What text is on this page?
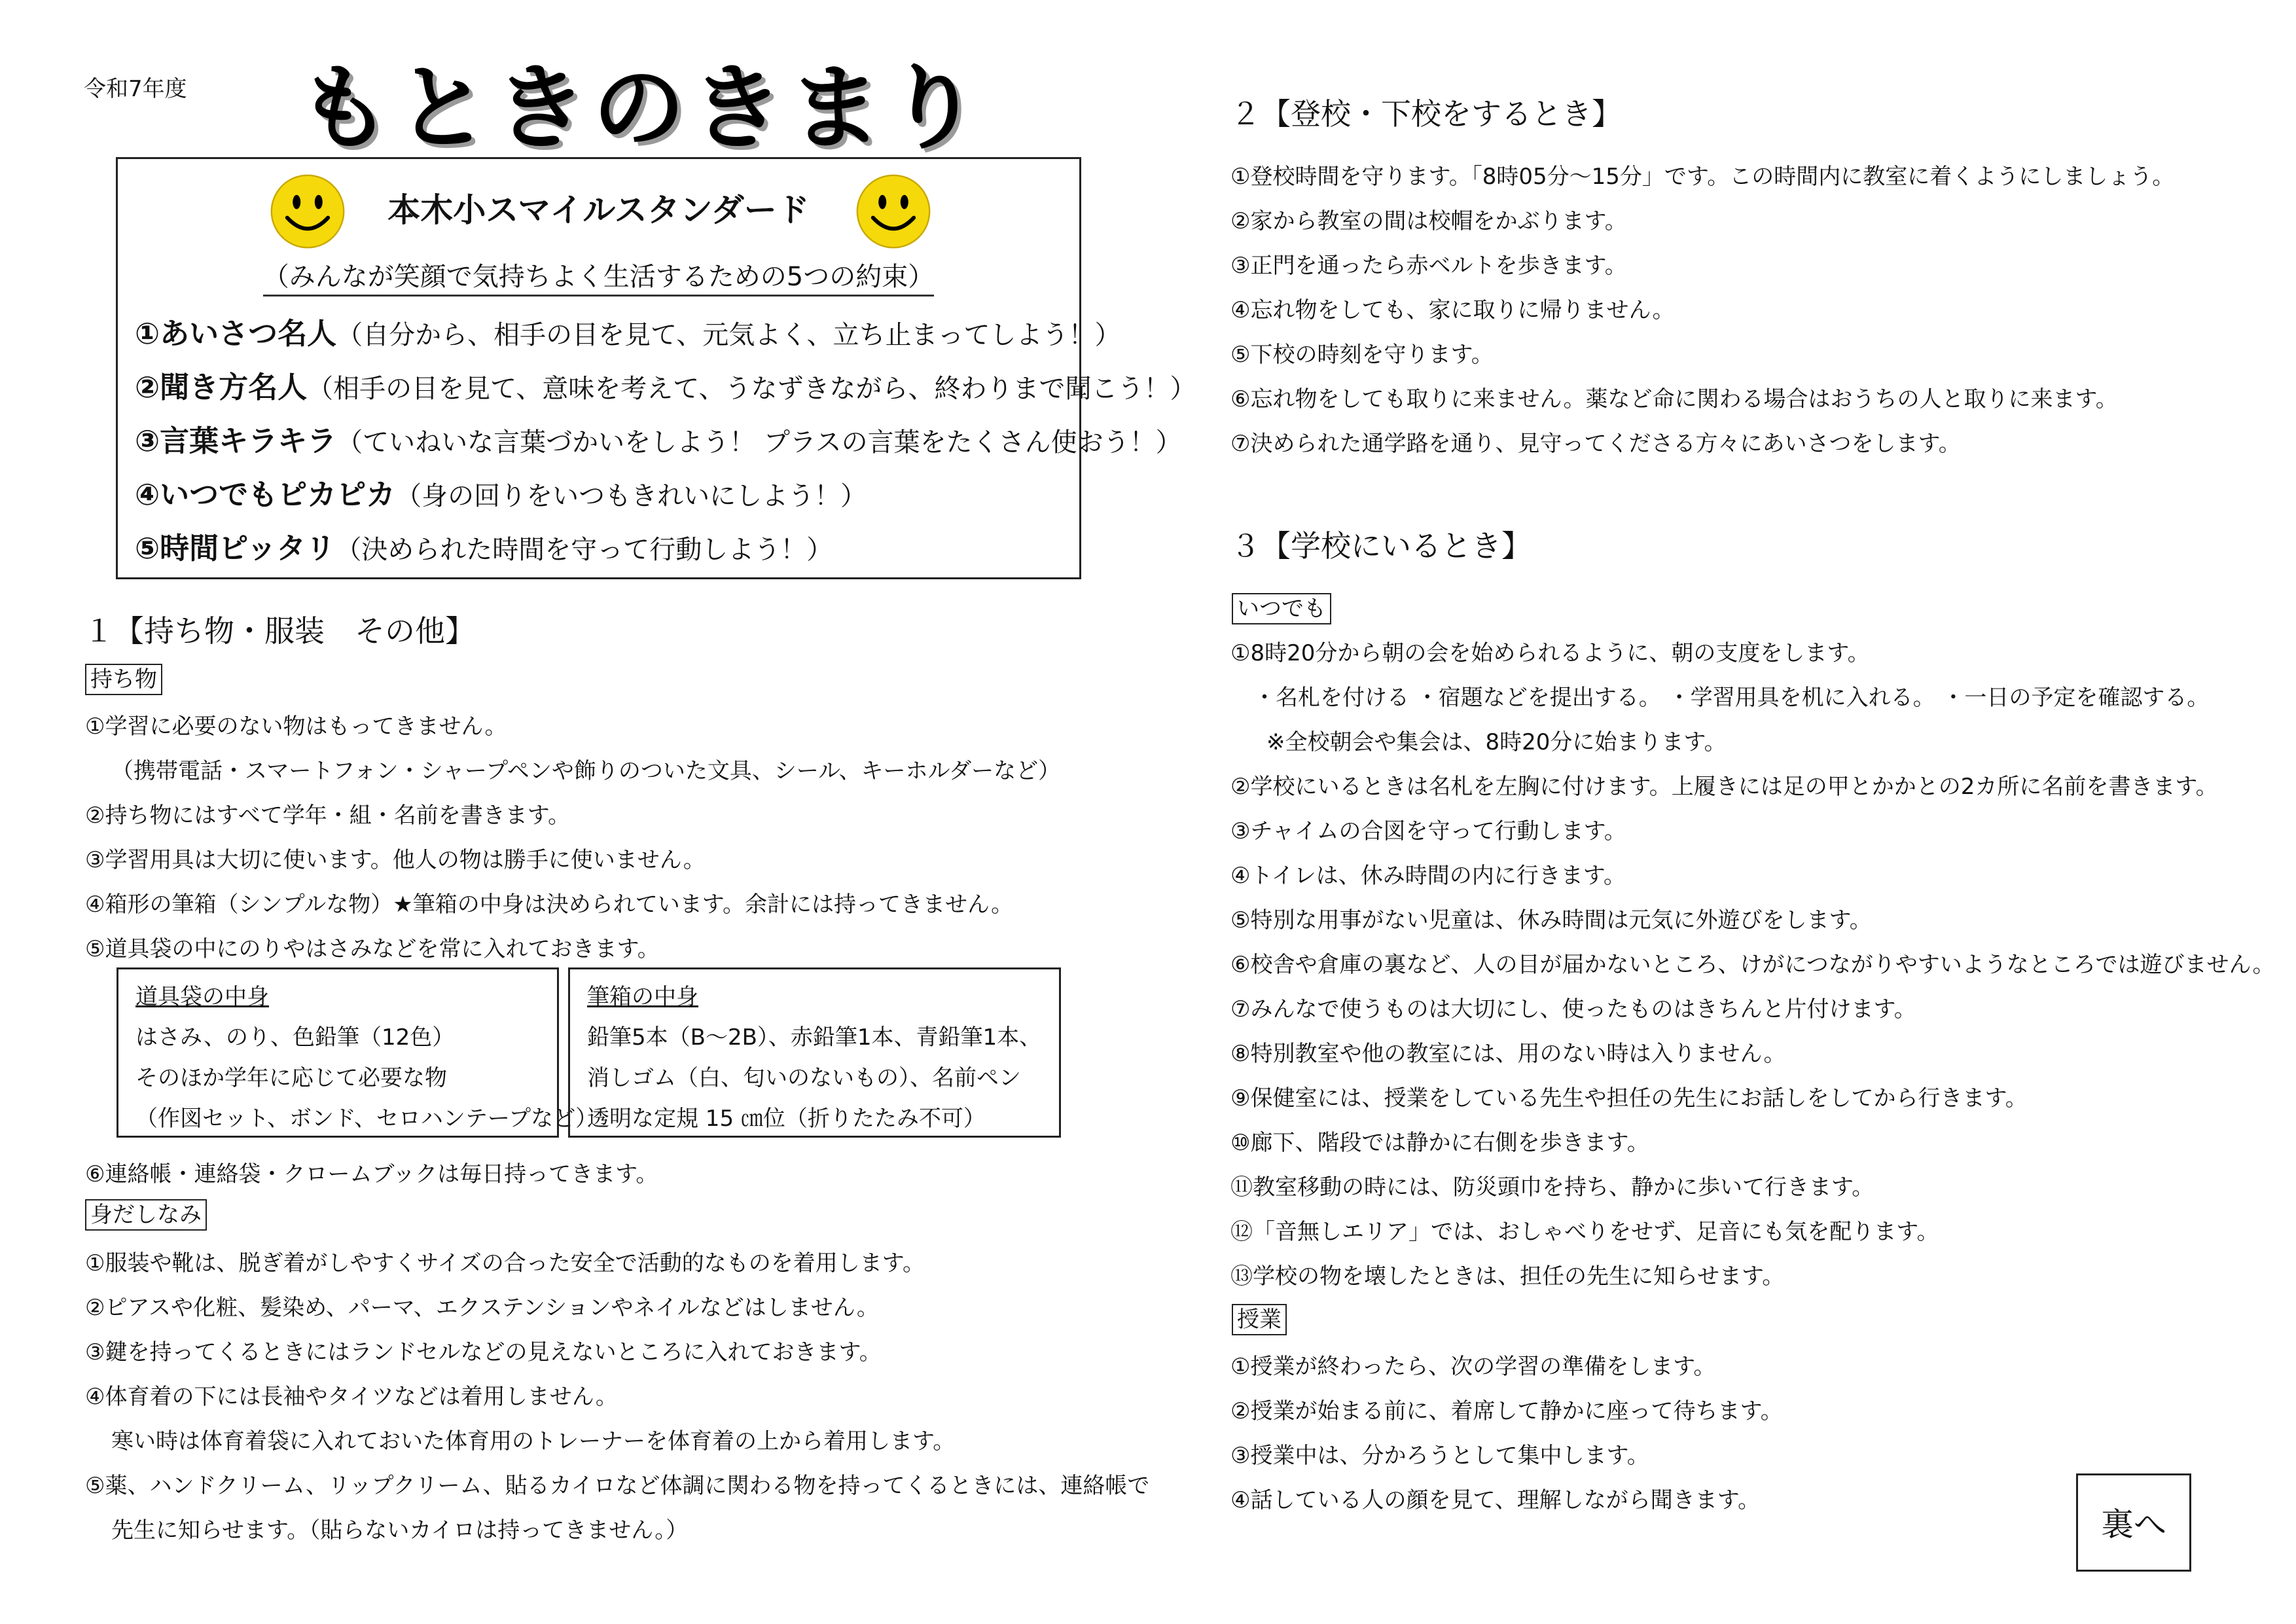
令和7年度 もときのきまり
本木小スマイルスタンダード
（みんなが笑顔で気持ちよく生活するための5つの約束）
①あいさつ名人（自分から、相手の目を見て、元気よく、立ち止まってしよう！）
②聞き方名人（相手の目を見て、意味を考えて、うなずきながら、終わりまで聞こう！）
③言葉キラキラ（ていねいな言葉づかいをしよう！ プラスの言葉をたくさん使おう！）
④いつでもピカピカ（身の回りをいつもきれいにしよう！）
⑤時間ピッタリ（決められた時間を守って行動しよう！）
１【持ち物・服装　その他】
持ち物
①学習に必要のない物はもってきません。
（携帯電話・スマートフォン・シャープペンや飾りのついた文具、シール、キーホルダーなど）
②持ち物にはすべて学年・組・名前を書きます。
③学習用具は大切に使います。他人の物は勝手に使いません。
④箱形の筆箱（シンプルな物）★筆箱の中身は決められています。余計には持ってきません。
⑤道具袋の中にのりやはさみなどを常に入れておきます。
道具袋の中身
はさみ、のり、色鉛筆（12色）
そのほか学年に応じて必要な物
（作図セット、ボンド、セロハンテープなど）
筆箱の中身
鉛筆5本（B～2B）、赤鉛筆1本、青鉛筆1本、
消しゴム（白、匂いのないもの）、名前ペン
透明な定規 15 ㎝位（折りたたみ不可）
⑥連絡帳・連絡袋・クロームブックは毎日持ってきます。
身だしなみ
①服装や靴は、脱ぎ着がしやすくサイズの合った安全で活動的なものを着用します。
②ピアスや化粧、髪染め、パーマ、エクステンションやネイルなどはしません。
③鍵を持ってくるときにはランドセルなどの見えないところに入れておきます。
④体育着の下には長袖やタイツなどは着用しません。
寒い時は体育着袋に入れておいた体育用のトレーナーを体育着の上から着用します。
⑤薬、ハンドクリーム、リップクリーム、貼るカイロなど体調に関わる物を持ってくるときには、連絡帳で
先生に知らせます。（貼らないカイロは持ってきません。）
２【登校・下校をするとき】
①登校時間を守ります。「8時05分～15分」です。この時間内に教室に着くようにしましょう。
②家から教室の間は校帽をかぶります。
③正門を通ったら赤ベルトを歩きます。
④忘れ物をしても、家に取りに帰りません。
⑤下校の時刻を守ります。
⑥忘れ物をしても取りに来ません。薬など命に関わる場合はおうちの人と取りに来ます。
⑦決められた通学路を通り、見守ってくださる方々にあいさつをします。
３【学校にいるとき】
いつでも
①8時20分から朝の会を始められるように、朝の支度をします。
・名札を付ける ・宿題などを提出する。 ・学習用具を机に入れる。 ・一日の予定を確認する。
※全校朝会や集会は、8時20分に始まります。
②学校にいるときは名札を左胸に付けます。上履きには足の甲とかかとの2カ所に名前を書きます。
③チャイムの合図を守って行動します。
④トイレは、休み時間の内に行きます。
⑤特別な用事がない児童は、休み時間は元気に外遊びをします。
⑥校舎や倉庫の裏など、人の目が届かないところ、けがにつながりやすいようなところでは遊びません。
⑦みんなで使うものは大切にし、使ったものはきちんと片付けます。
⑧特別教室や他の教室には、用のない時は入りません。
⑨保健室には、授業をしている先生や担任の先生にお話しをしてから行きます。
⑩廊下、階段では静かに右側を歩きます。
⑪教室移動の時には、防災頭巾を持ち、静かに歩いて行きます。
⑫「音無しエリア」では、おしゃべりをせず、足音にも気を配ります。
⑬学校の物を壊したときは、担任の先生に知らせます。
授業
①授業が終わったら、次の学習の準備をします。
②授業が始まる前に、着席して静かに座って待ちます。
③授業中は、分かろうとして集中します。
④話している人の顔を見て、理解しながら聞きます。
裏へ
